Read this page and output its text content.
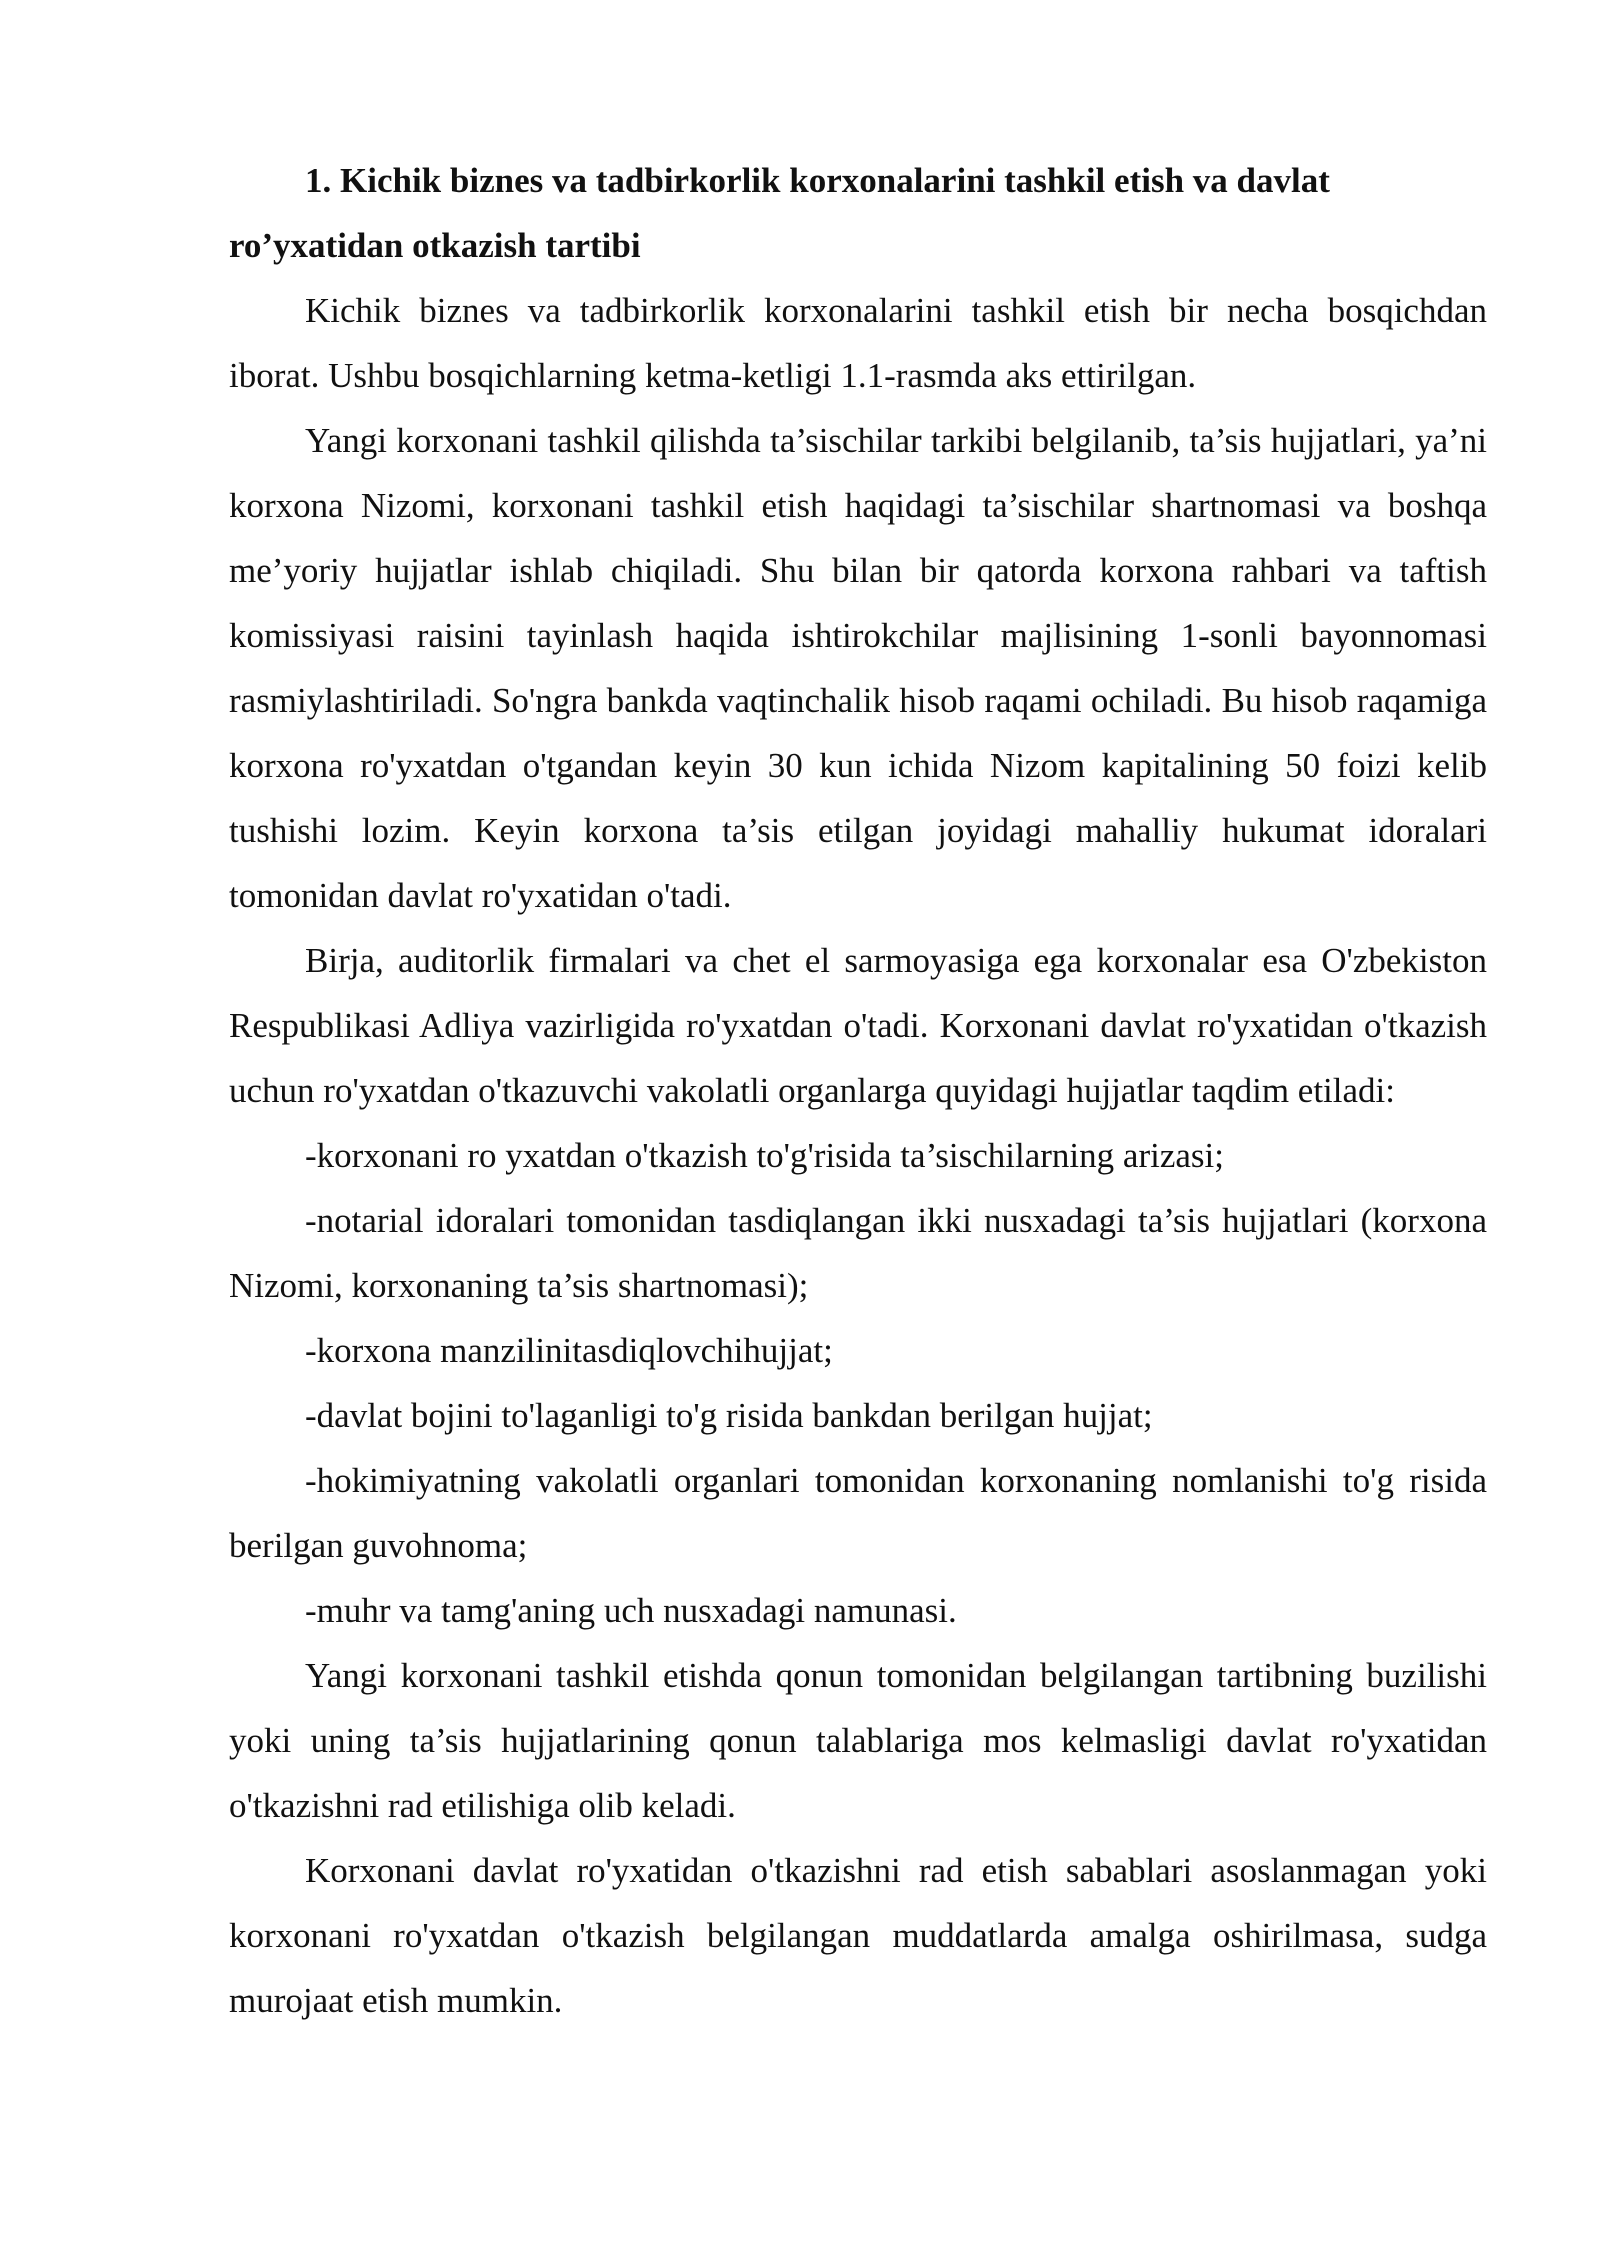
1. Kichik biznes va tadbirkorlik korxonalarini tashkil etish va davlat ro’yxatidan otkazish tartibi

Kichik biznes va tadbirkorlik korxonalarini tashkil etish bir necha bosqichdan iborat. Ushbu bosqichlarning ketma-ketligi 1.1-rasmda aks ettirilgan.

Yangi korxonani tashkil qilishda ta’sischilar tarkibi belgilanib, ta’sis hujjatlari, ya’ni korxona Nizomi, korxonani tashkil etish haqidagi ta’sischilar shartnomasi va boshqa me’yoriy hujjatlar ishlab chiqiladi. Shu bilan bir qatorda korxona rahbari va taftish komissiyasi raisini tayinlash haqida ishtirokchilar majlisining 1-sonli bayonnomasi rasmiylashtiriladi. So'ngra bankda vaqtinchalik hisob raqami ochiladi. Bu hisob raqamiga korxona ro'yxatdan o'tgandan keyin 30 kun ichida Nizom kapitalining 50 foizi kelib tushishi lozim. Keyin korxona ta’sis etilgan joyidagi mahalliy hukumat idoralari tomonidan davlat ro'yxatidan o'tadi.

Birja, auditorlik firmalari va chet el sarmoyasiga ega korxonalar esa O'zbekiston Respublikasi Adliya vazirligida ro'yxatdan o'tadi. Korxonani davlat ro'yxatidan o'tkazish uchun ro'yxatdan o'tkazuvchi vakolatli organlarga quyidagi hujjatlar taqdim etiladi:

-korxonani ro yxatdan o'tkazish to'g'risida ta’sischilarning arizasi;

-notarial idoralari tomonidan tasdiqlangan ikki nusxadagi ta’sis hujjatlari (korxona Nizomi, korxonaning ta’sis shartnomasi);

-korxona manzilinitasdiqlovchihujjat;

-davlat bojini to'laganligi to'g risida bankdan berilgan hujjat;

-hokimiyatning vakolatli organlari tomonidan korxonaning nomlanishi to'g risida berilgan guvohnoma;

-muhr va tamg'aning uch nusxadagi namunasi.

Yangi korxonani tashkil etishda qonun tomonidan belgilangan tartibning buzilishi yoki uning ta’sis hujjatlarining qonun talablariga mos kelmasligi davlat ro'yxatidan o'tkazishni rad etilishiga olib keladi.

Korxonani davlat ro'yxatidan o'tkazishni rad etish sabablari asoslanmagan yoki korxonani ro'yxatdan o'tkazish belgilangan muddatlarda amalga oshirilmasa, sudga murojaat etish mumkin.
